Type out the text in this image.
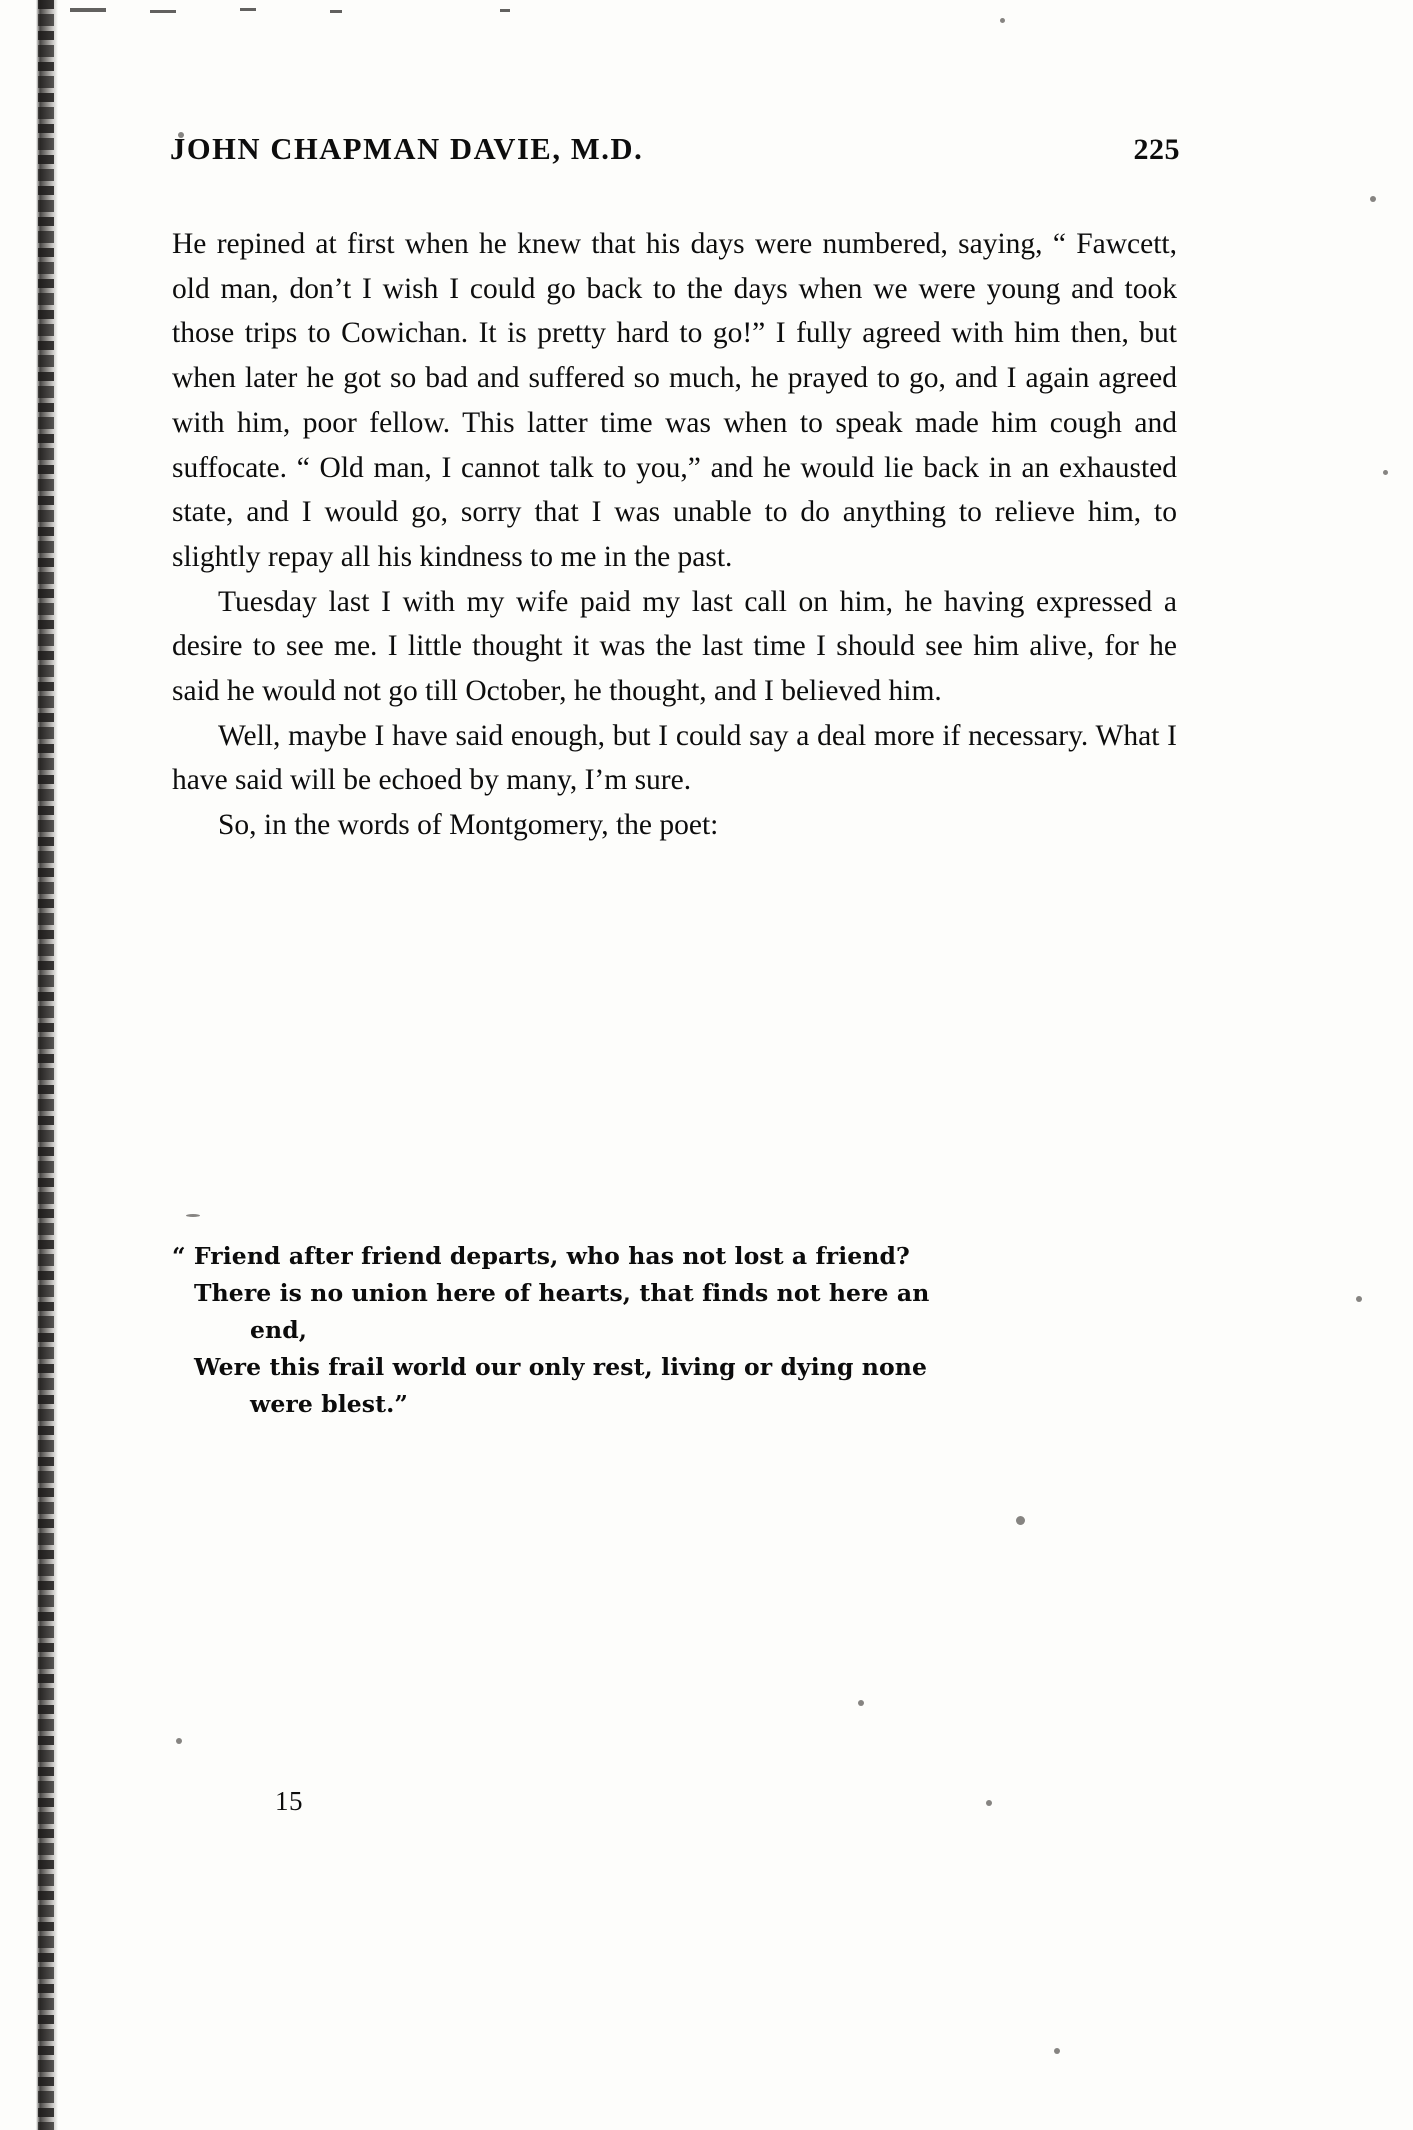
JOHN CHAPMAN DAVIE, M.D.	225

He repined at first when he knew that his days were numbered, saying, “ Fawcett, old man, don’t I wish I could go back to the days when we were young and took those trips to Cowichan. It is pretty hard to go!” I fully agreed with him then, but when later he got so bad and suffered so much, he prayed to go, and I again agreed with him, poor fellow. This latter time was when to speak made him cough and suffocate. “ Old man, I cannot talk to you,” and he would lie back in an exhausted state, and I would go, sorry that I was unable to do anything to relieve him, to slightly repay all his kindness to me in the past.

Tuesday last I with my wife paid my last call on him, he having expressed a desire to see me. I little thought it was the last time I should see him alive, for he said he would not go till October, he thought, and I believed him.

Well, maybe I have said enough, but I could say a deal more if necessary. What I have said will be echoed by many, I’m sure.

So, in the words of Montgomery, the poet:

“ Friend after friend departs, who has not lost a friend?
There is no union here of hearts, that finds not here an
end,
Were this frail world our only rest, living or dying none
were blest.”
15
